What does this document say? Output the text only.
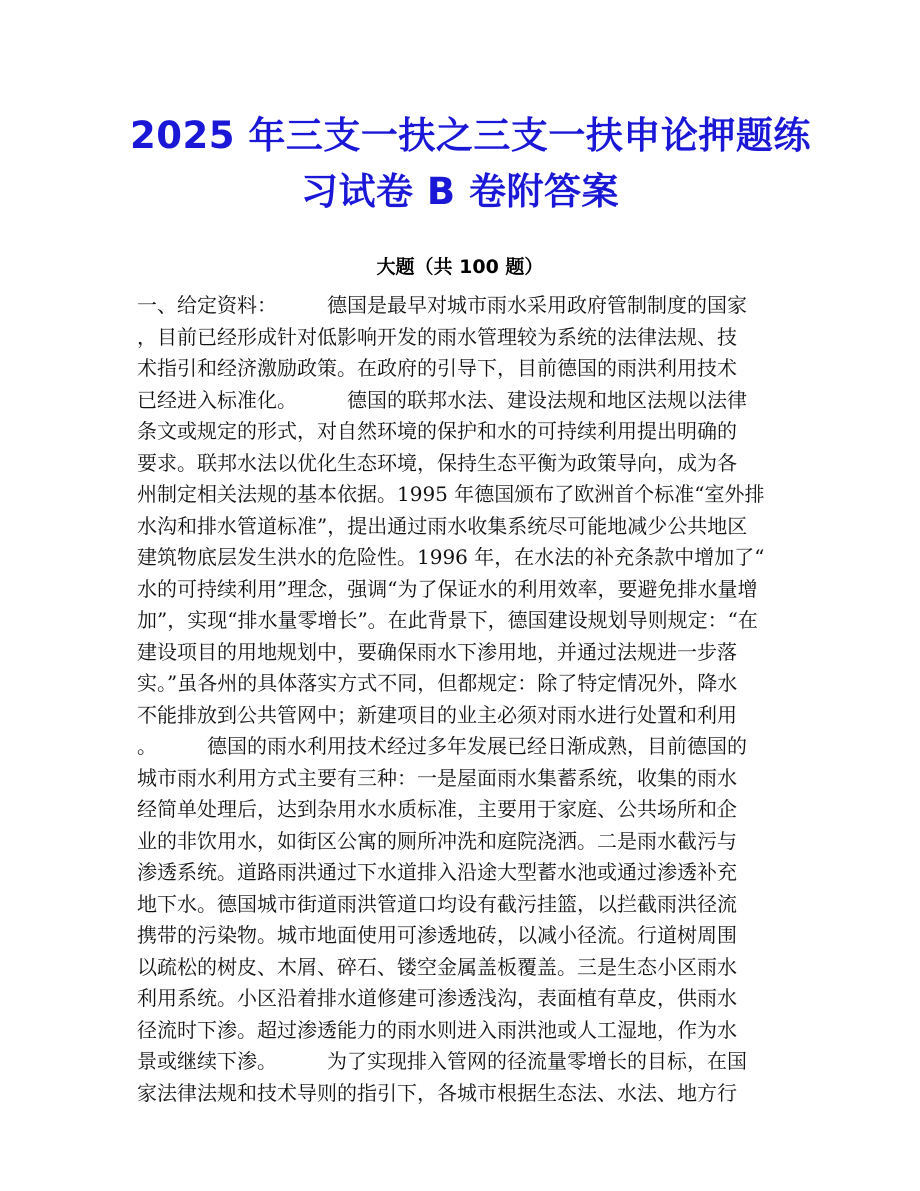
2025 年三支一扶之三支一扶申论押题练
习试卷 B 卷附答案
大题（共 100 题）
一、给定资料：　　　德国是最早对城市雨水采用政府管制制度的国家
，目前已经形成针对低影响开发的雨水管理较为系统的法律法规、技
术指引和经济激励政策。在政府的引导下，目前德国的雨洪利用技术
已经进入标准化。　　　德国的联邦水法、建设法规和地区法规以法律
条文或规定的形式，对自然环境的保护和水的可持续利用提出明确的
要求。联邦水法以优化生态环境，保持生态平衡为政策导向，成为各
州制定相关法规的基本依据。1995 年德国颁布了欧洲首个标准“室外排
水沟和排水管道标准”，提出通过雨水收集系统尽可能地减少公共地区
建筑物底层发生洪水的危险性。1996 年，在水法的补充条款中增加了“
水的可持续利用”理念，强调“为了保证水的利用效率，要避免排水量增
加”，实现“排水量零增长”。在此背景下，德国建设规划导则规定：“在
建设项目的用地规划中，要确保雨水下渗用地，并通过法规进一步落
实。”虽各州的具体落实方式不同，但都规定：除了特定情况外，降水
不能排放到公共管网中；新建项目的业主必须对雨水进行处置和利用
。　　　德国的雨水利用技术经过多年发展已经日渐成熟，目前德国的
城市雨水利用方式主要有三种：一是屋面雨水集蓄系统，收集的雨水
经简单处理后，达到杂用水水质标准，主要用于家庭、公共场所和企
业的非饮用水，如街区公寓的厕所冲洗和庭院浇洒。二是雨水截污与
渗透系统。道路雨洪通过下水道排入沿途大型蓄水池或通过渗透补充
地下水。德国城市街道雨洪管道口均设有截污挂篮，以拦截雨洪径流
携带的污染物。城市地面使用可渗透地砖，以减小径流。行道树周围
以疏松的树皮、木屑、碎石、镂空金属盖板覆盖。三是生态小区雨水
利用系统。小区沿着排水道修建可渗透浅沟，表面植有草皮，供雨水
径流时下渗。超过渗透能力的雨水则进入雨洪池或人工湿地，作为水
景或继续下渗。　　　为了实现排入管网的径流量零增长的目标，在国
家法律法规和技术导则的指引下，各城市根据生态法、水法、地方行
